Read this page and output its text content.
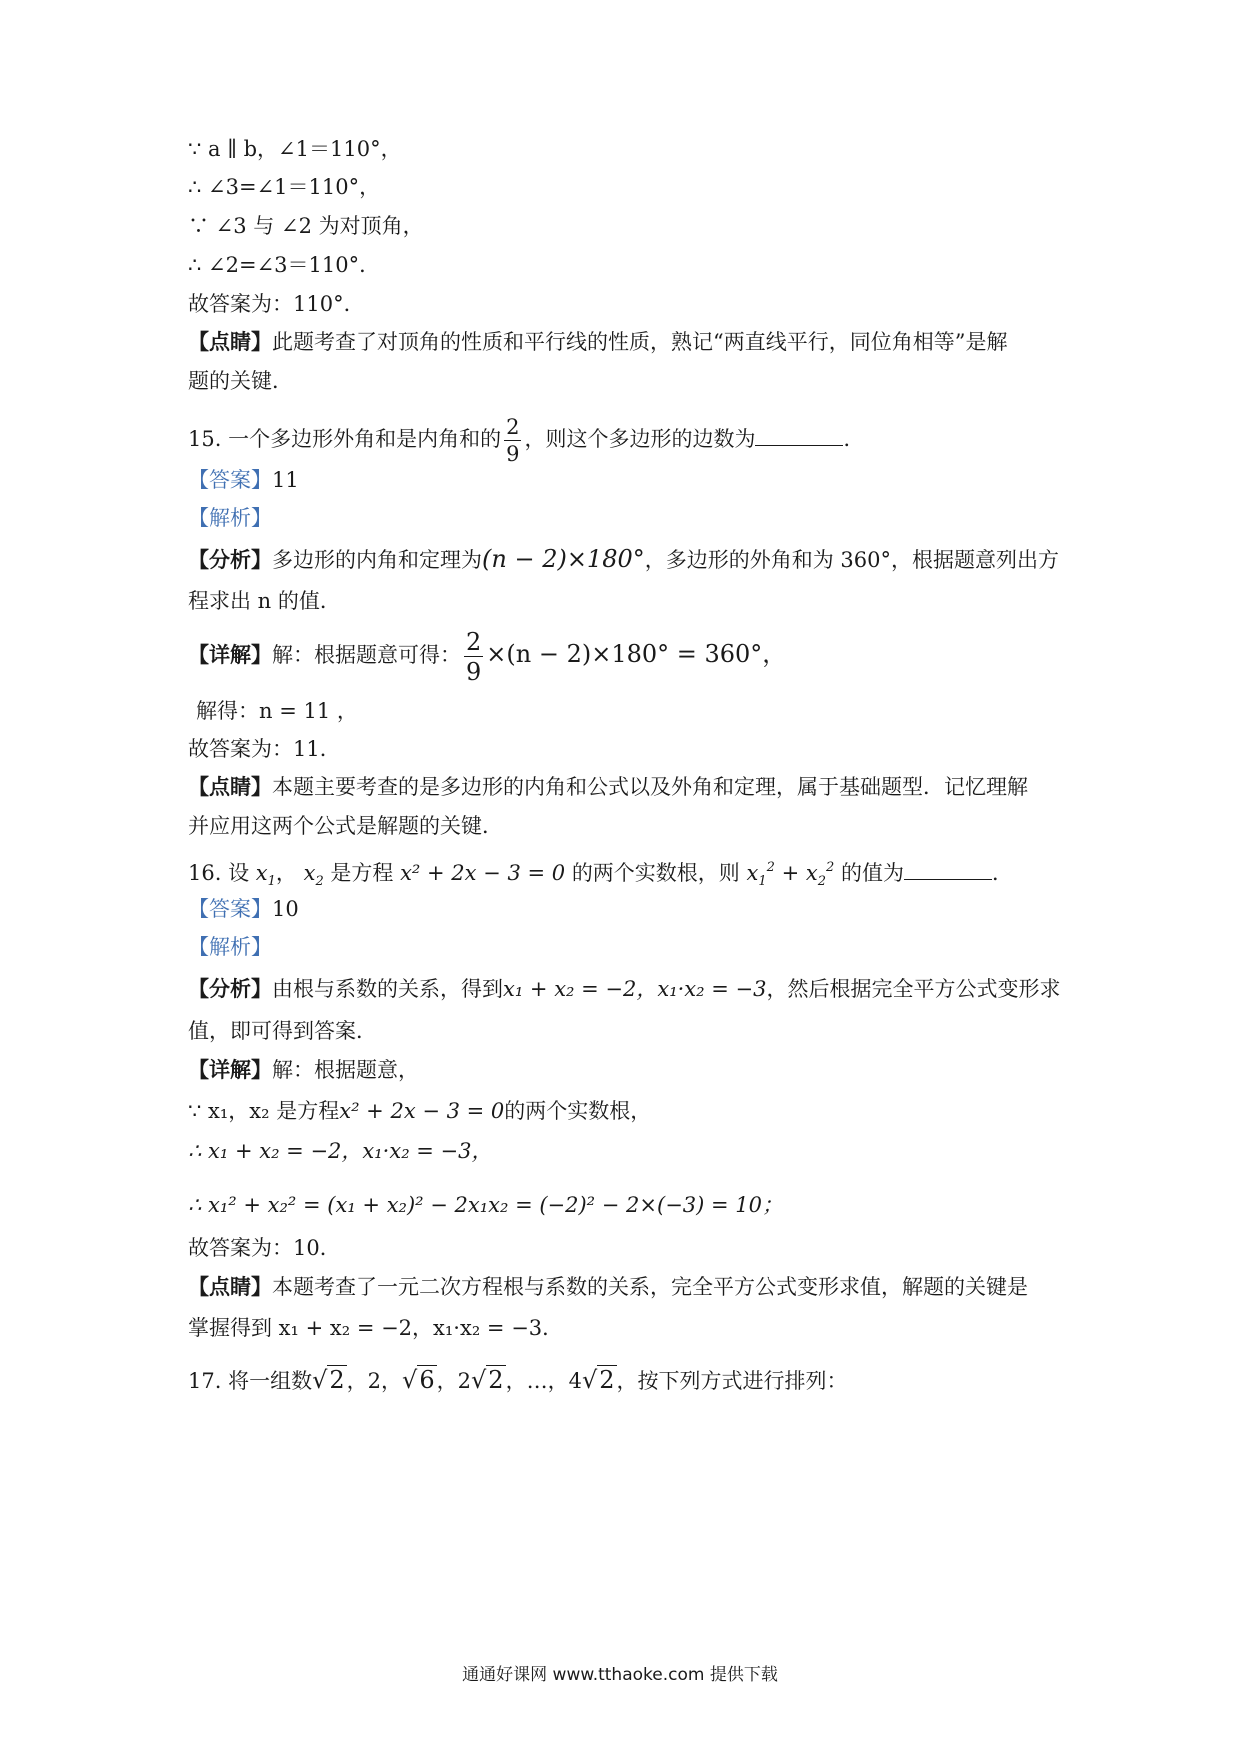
∵ a ∥ b，∠1＝110°，
∴ ∠3=∠1＝110°，
∵ ∠3 与 ∠2 为对顶角，
∴ ∠2=∠3＝110°．
故答案为：110°．
【点睛】此题考查了对顶角的性质和平行线的性质，熟记“两直线平行，同位角相等”是解
题的关键．
15. 一个多边形外角和是内角和的 $\frac{2}{9}$ ，则这个多边形的边数为	．
【答案】11
【解析】
【分析】多边形的内角和定理为(n − 2)×180°，多边形的外角和为 360°，根据题意列出方
程求出 n 的值．
【详解】解：根据题意可得： $\frac{2}{9} \times(n - 2)\times 180^\circ = 360^\circ$，
解得：n = 11 ，
故答案为：11．
【点睛】本题主要考查的是多边形的内角和公式以及外角和定理，属于基础题型．记忆理解
并应用这两个公式是解题的关键．
16. 设 $x_1$， $x_2$ 是方程 x² + 2x − 3 = 0 的两个实数根，则 $x_1^2 + x_2^2$ 的值为	．
【答案】10
【解析】
【分析】由根与系数的关系，得到x₁ + x₂ = −2，x₁·x₂ = −3，然后根据完全平方公式变形求
值，即可得到答案．
【详解】解：根据题意，
∵ x₁，x₂ 是方程x² + 2x − 3 = 0的两个实数根，
∴ x₁ + x₂ = −2，x₁·x₂ = −3，
∴ x₁² + x₂² = (x₁ + x₂)² − 2x₁x₂ = (−2)² − 2×(−3) = 10；
故答案为：10．
【点睛】本题考查了一元二次方程根与系数的关系，完全平方公式变形求值，解题的关键是
掌握得到 x₁ + x₂ = −2，x₁·x₂ = −3．
17. 将一组数√2，2，√6，2√2，…，4√2，按下列方式进行排列：
通通好课网 www.tthaoke.com 提供下载
